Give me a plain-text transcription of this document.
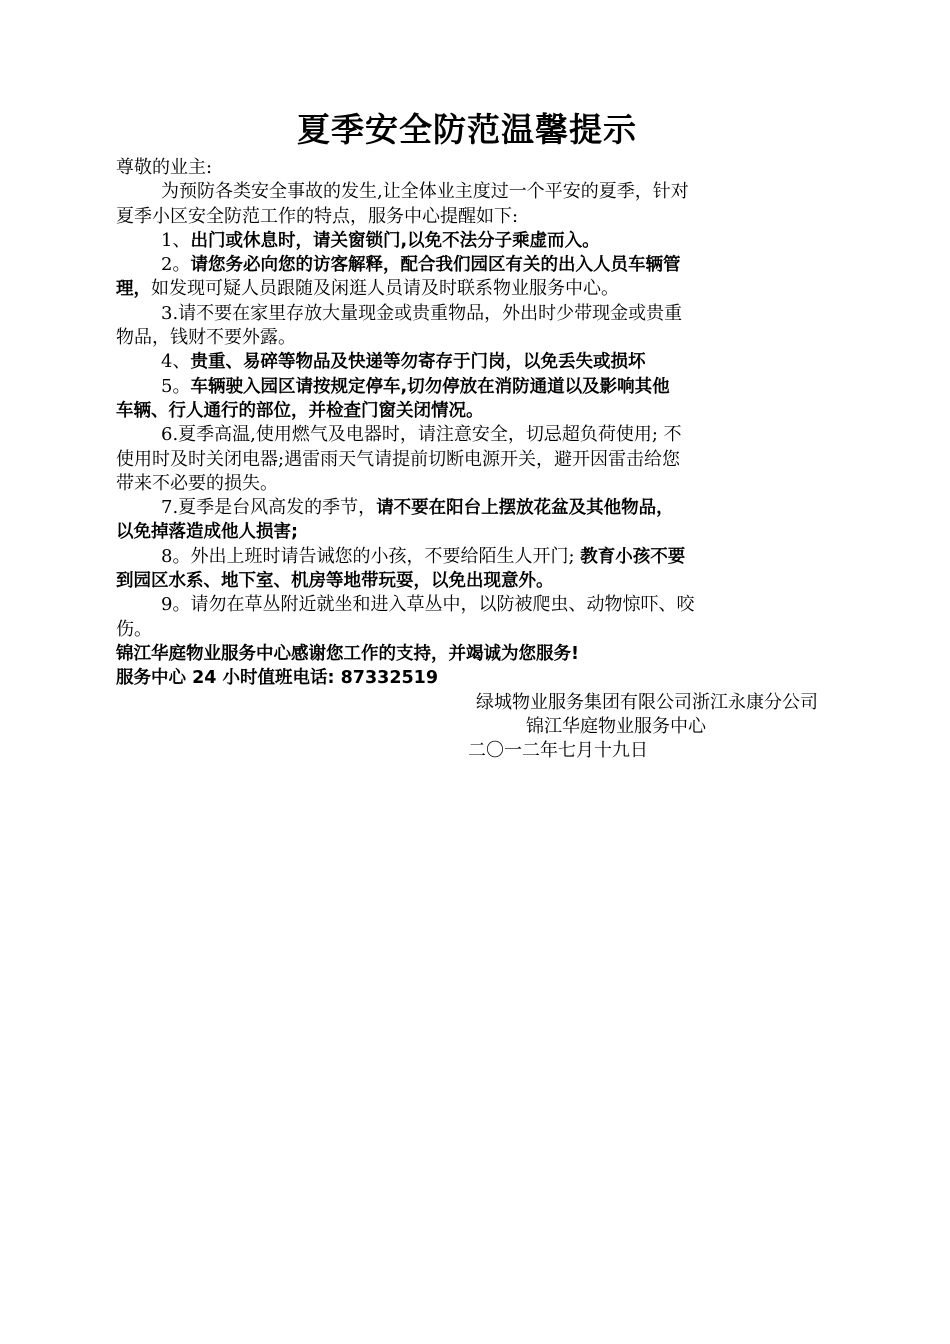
夏季安全防范温馨提示
尊敬的业主:
为预防各类安全事故的发生,让全体业主度过一个平安的夏季，针对
夏季小区安全防范工作的特点，服务中心提醒如下:
1、出门或休息时，请关窗锁门,以免不法分子乘虚而入。
2。请您务必向您的访客解释，配合我们园区有关的出入人员车辆管
理，如发现可疑人员跟随及闲逛人员请及时联系物业服务中心。
3.请不要在家里存放大量现金或贵重物品，外出时少带现金或贵重
物品，钱财不要外露。
4、贵重、易碎等物品及快递等勿寄存于门岗，以免丢失或损坏
5。车辆驶入园区请按规定停车,切勿停放在消防通道以及影响其他
车辆、行人通行的部位，并检查门窗关闭情况。
6.夏季高温,使用燃气及电器时，请注意安全，切忌超负荷使用; 不
使用时及时关闭电器;遇雷雨天气请提前切断电源开关，避开因雷击给您
带来不必要的损失。
7.夏季是台风高发的季节，请不要在阳台上摆放花盆及其他物品，
以免掉落造成他人损害;
8。外出上班时请告诫您的小孩，不要给陌生人开门; 教育小孩不要
到园区水系、地下室、机房等地带玩耍，以免出现意外。
9。请勿在草丛附近就坐和进入草丛中，以防被爬虫、动物惊吓、咬
伤。
锦江华庭物业服务中心感谢您工作的支持，并竭诚为您服务!
服务中心 24 小时值班电话: 87332519
绿城物业服务集团有限公司浙江永康分公司
锦江华庭物业服务中心
二〇一二年七月十九日
